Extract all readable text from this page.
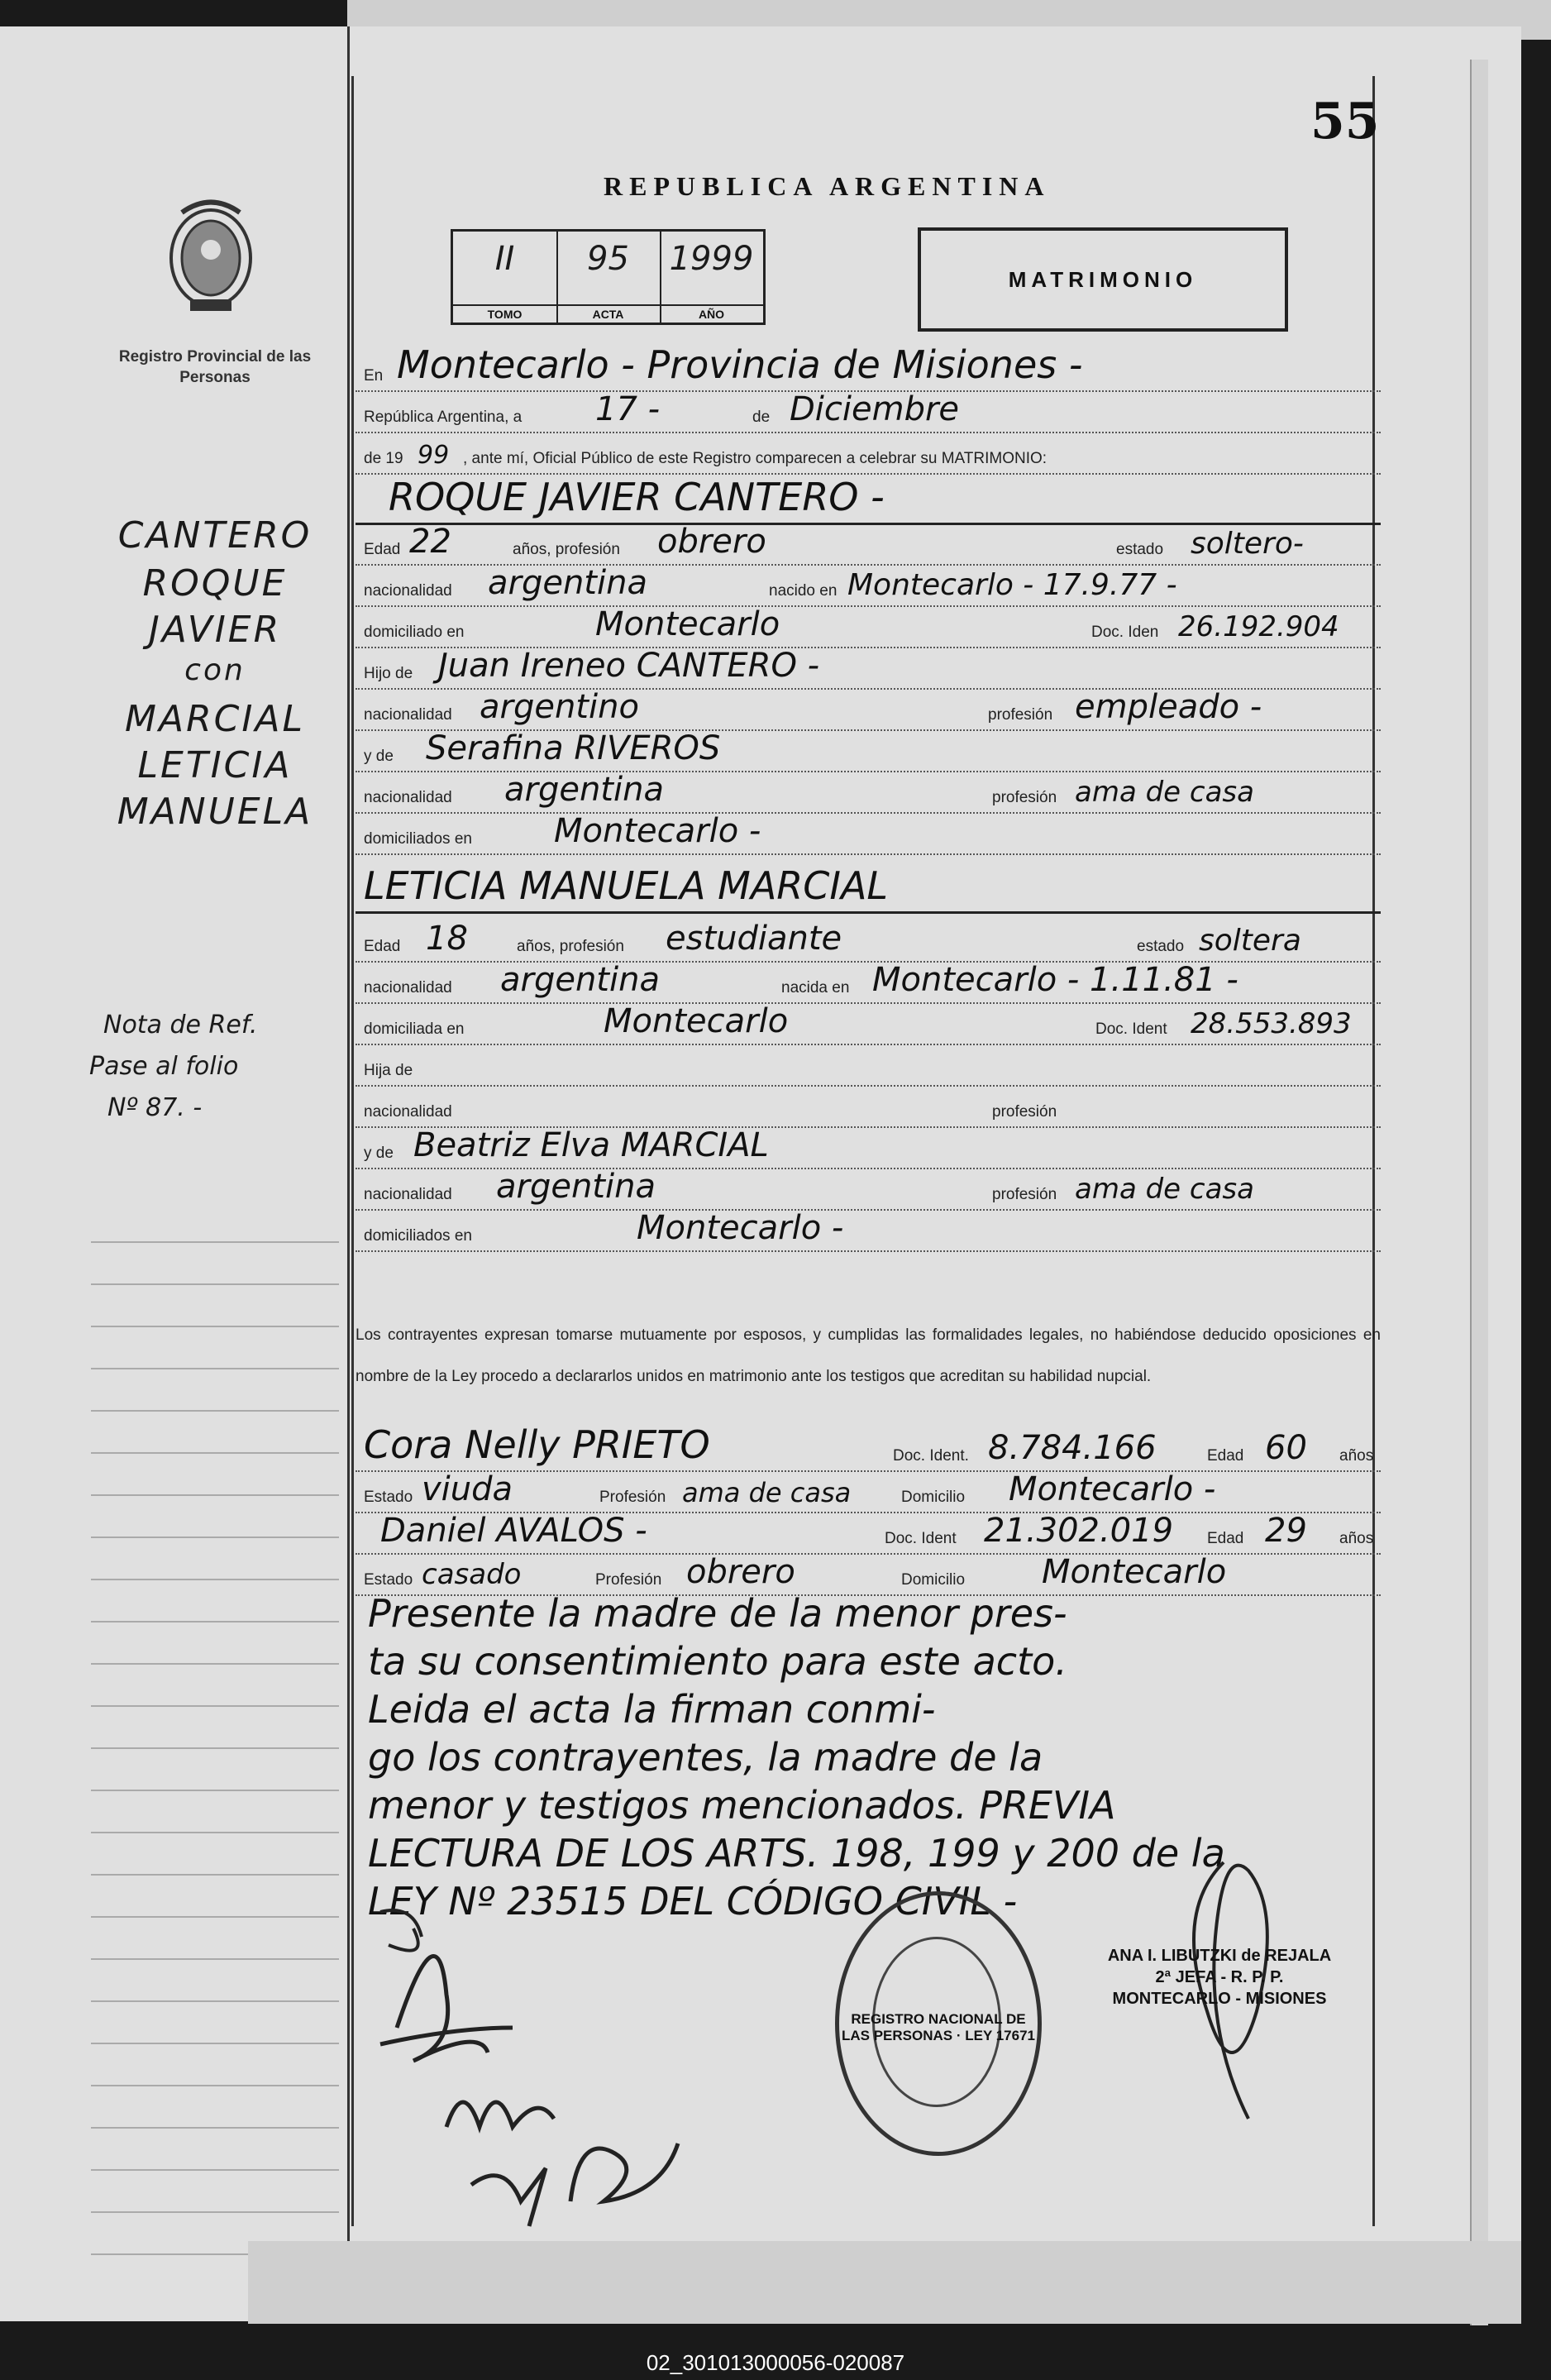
Registro Provincial de las Personas
CANTERO
ROQUE
JAVIER
con
MARCIAL
LETICIA
MANUELA
Nota de Ref.
Pase al folio
Nº 87. -
55
REPUBLICA ARGENTINA
II
TOMO
95
ACTA
1999
AÑO
MATRIMONIO
En Montecarlo - Provincia de Misiones -
República Argentina, a 17 -	de Diciembre
de 19 99 , ante mí, Oficial Público de este Registro comparecen a celebrar su MATRIMONIO:
ROQUE JAVIER CANTERO -
Edad 22	años, profesión obrero	estado soltero-
nacionalidad argentina	nacido en Montecarlo - 17.9.77 -
domiciliado en	Montecarlo	Doc. Iden 26.192.904
Hijo de Juan Ireneo CANTERO -
nacionalidad argentino	profesión empleado -
y de Serafina RIVEROS
nacionalidad argentina	profesión ama de casa
domiciliados en Montecarlo -
LETICIA MANUELA MARCIAL
Edad 18	años, profesión estudiante	estado soltera
nacionalidad argentina	nacida en Montecarlo - 1.11.81 -
domiciliada en	Montecarlo	Doc. Ident 28.553.893
Hija de
nacionalidad	profesión
y de Beatriz Elva MARCIAL
nacionalidad argentina	profesión ama de casa
domiciliados en	Montecarlo -
Los contrayentes expresan tomarse mutuamente por esposos, y cumplidas las formalidades legales, no habiéndose deducido oposiciones en nombre de la Ley procedo a declararlos unidos en matrimonio ante los testigos que acreditan su habilidad nupcial.
Cora Nelly PRIETO	Doc. Ident. 8.784.166	Edad 60 años
Estado viuda	Profesión ama de casa	Domicilio Montecarlo -
Daniel AVALOS -	Doc. Ident 21.302.019 Edad 29 años
Estado casado	Profesión obrero	Domicilio Montecarlo
Presente la madre de la menor pres-
ta su consentimiento para este acto.
Leida el acta la firman conmi-
go los contrayentes, la madre de la
menor y testigos mencionados. PREVIA
LECTURA DE LOS ARTS. 198, 199 y 200 de la
LEY Nº 23515 DEL CÓDIGO CIVIL -
REGISTRO NACIONAL DE LAS PERSONAS · LEY 17671
ANA I. LIBUTZKI de REJALA
2ª JEFA - R. P. P.
MONTECARLO - MISIONES
02_301013000056-020087
